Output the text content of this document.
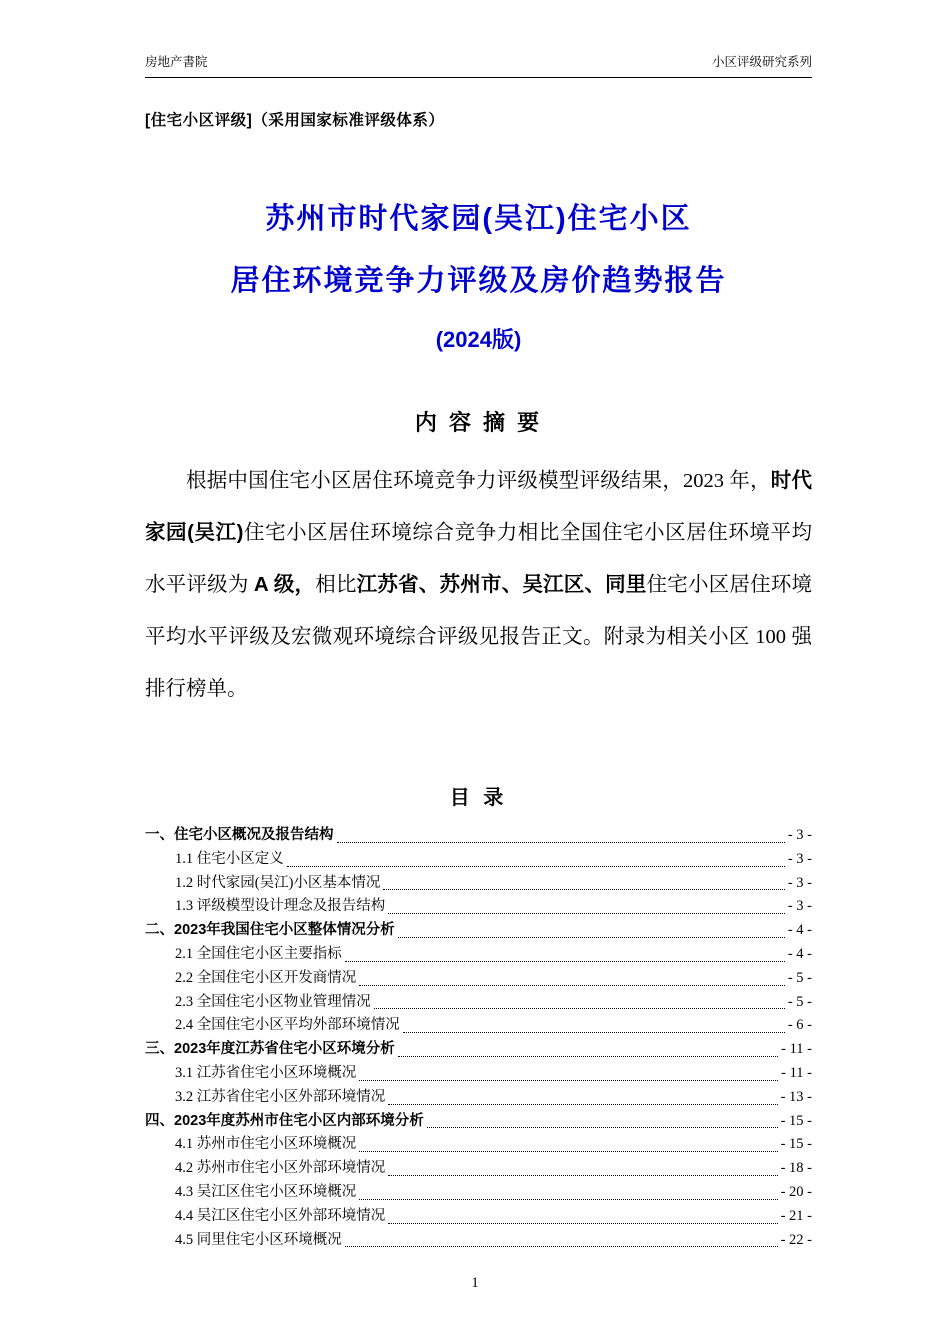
房地产書院	小区评级研究系列
[住宅小区评级]（采用国家标准评级体系）
苏州市时代家园(吴江)住宅小区
居住环境竞争力评级及房价趋势报告
(2024版)
内 容 摘 要

根据中国住宅小区居住环境竞争力评级模型评级结果，2023 年，时代家园(吴江)住宅小区居住环境综合竞争力相比全国住宅小区居住环境平均水平评级为 A 级，相比江苏省、苏州市、吴江区、同里住宅小区居住环境平均水平评级及宏微观环境综合评级见报告正文。附录为相关小区 100 强排行榜单。

目 录
一、住宅小区概况及报告结构	- 3 -
1.1 住宅小区定义	- 3 -
1.2 时代家园(吴江)小区基本情况	- 3 -
1.3 评级模型设计理念及报告结构	- 3 -
二、2023年我国住宅小区整体情况分析	- 4 -
2.1 全国住宅小区主要指标	- 4 -
2.2 全国住宅小区开发商情况	- 5 -
2.3 全国住宅小区物业管理情况	- 5 -
2.4 全国住宅小区平均外部环境情况	- 6 -
三、2023年度江苏省住宅小区环境分析	- 11 -
3.1 江苏省住宅小区环境概况	- 11 -
3.2 江苏省住宅小区外部环境情况	- 13 -
四、2023年度苏州市住宅小区内部环境分析	- 15 -
4.1 苏州市住宅小区环境概况	- 15 -
4.2 苏州市住宅小区外部环境情况	- 18 -
4.3 吴江区住宅小区环境概况	- 20 -
4.4 吴江区住宅小区外部环境情况	- 21 -
4.5 同里住宅小区环境概况	- 22 -
1
